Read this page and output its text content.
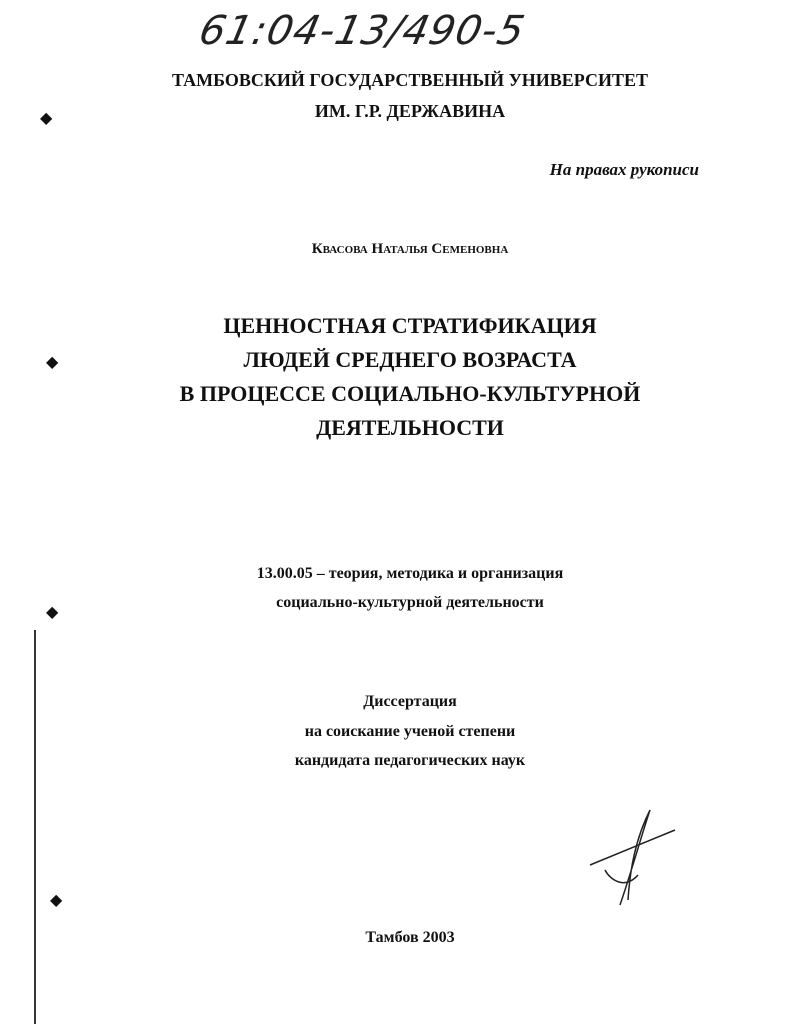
61:04-13/490-5
ТАМБОВСКИЙ ГОСУДАРСТВЕННЫЙ УНИВЕРСИТЕТ
ИМ. Г.Р. ДЕРЖАВИНА
На правах рукописи
Квасова Наталья Семеновна
ЦЕННОСТНАЯ СТРАТИФИКАЦИЯ
ЛЮДЕЙ СРЕДНЕГО ВОЗРАСТА
В ПРОЦЕССЕ СОЦИАЛЬНО-КУЛЬТУРНОЙ
ДЕЯТЕЛЬНОСТИ
13.00.05 – теория, методика и организация
социально-культурной деятельности
Диссертация
на соискание ученой степени
кандидата педагогических наук
Тамбов 2003
◆
◆
◆
◆
